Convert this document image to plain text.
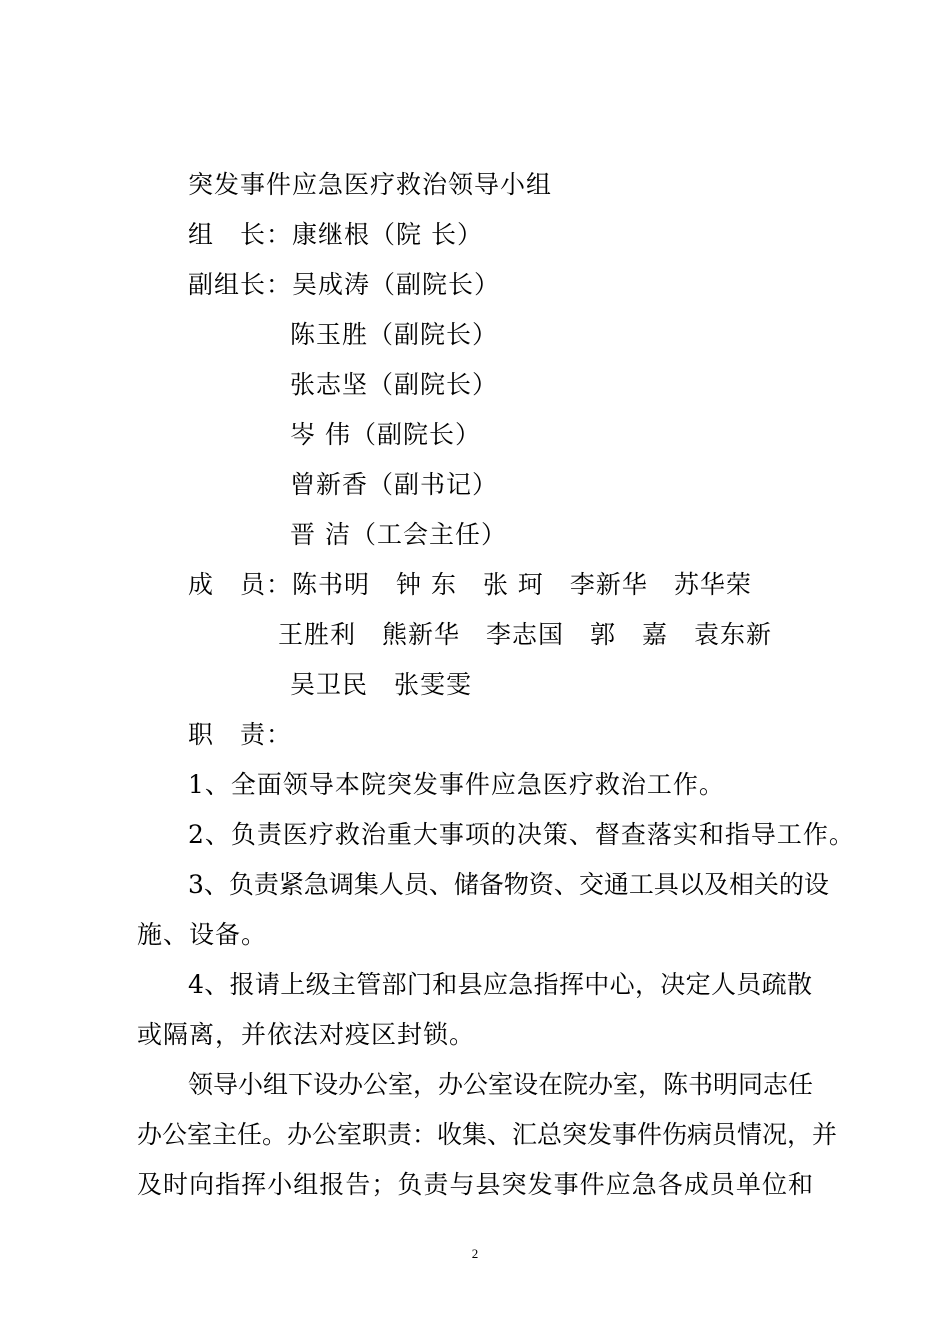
突发事件应急医疗救治领导小组
组　长：康继根（院 长）
副组长：吴成涛（副院长）
陈玉胜（副院长）
张志坚（副院长）
岑 伟（副院长）
曾新香（副书记）
晋 洁（工会主任）
成　员：陈书明　钟 东　张 珂　李新华　苏华荣
王胜利　熊新华　李志国　郭　嘉　袁东新
吴卫民　张雯雯
职　责：
1、全面领导本院突发事件应急医疗救治工作。
2、负责医疗救治重大事项的决策、督查落实和指导工作。
3、负责紧急调集人员、储备物资、交通工具以及相关的设
施、设备。
4、报请上级主管部门和县应急指挥中心，决定人员疏散
或隔离，并依法对疫区封锁。
领导小组下设办公室，办公室设在院办室，陈书明同志任
办公室主任。办公室职责：收集、汇总突发事件伤病员情况，并
及时向指挥小组报告；负责与县突发事件应急各成员单位和
2
